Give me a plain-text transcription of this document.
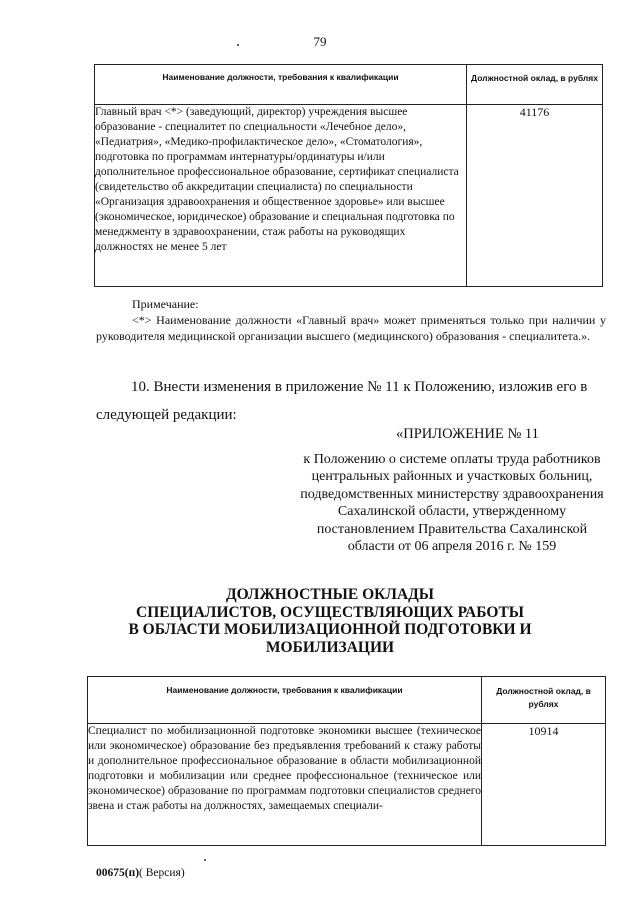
79
Наименование должности, требования к квалификации	Должностной оклад, в рублях
Главный врач <*> (заведующий, директор) учреждения высшее образование - специалитет по специальности «Лечебное дело», «Педиатрия», «Медико-профилактическое дело», «Стоматология», подготовка по программам интернатуры/ординатуры и/или дополнительное профессиональное образование, сертификат специалиста (свидетельство об аккредитации специалиста) по специальности «Организация здравоохранения и общественное здоровье» или высшее (экономическое, юридическое) образование и специальная подготовка по менеджменту в здравоохранении, стаж работы на руководящих должностях не менее 5 лет	41176
Примечание:
<*> Наименование должности «Главный врач» может применяться только при наличии у руководителя медицинской организации высшего (медицинского) образования - специалитета.».
10. Внести изменения в приложение № 11 к Положению, изложив его в
следующей редакции:
«ПРИЛОЖЕНИЕ № 11
к Положению о системе оплаты труда работников центральных районных и участковых больниц, подведомственных министерству здравоохранения Сахалинской области, утвержденному постановлением Правительства Сахалинской области от 06 апреля 2016 г. № 159
ДОЛЖНОСТНЫЕ ОКЛАДЫ
СПЕЦИАЛИСТОВ, ОСУЩЕСТВЛЯЮЩИХ РАБОТЫ
В ОБЛАСТИ МОБИЛИЗАЦИОННОЙ ПОДГОТОВКИ И
МОБИЛИЗАЦИИ
Наименование должности, требования к квалификации	Должностной оклад, в рублях
Специалист по мобилизационной подготовке экономики высшее (техническое или экономическое) образование без предъявления требований к стажу работы и дополнительное профессиональное образование в области мобилизационной подготовки и мобилизации или среднее профессиональное (техническое или экономическое) образование по программам подготовки специалистов среднего звена и стаж работы на должностях, замещаемых специали-	10914
00675(п)( Версия)
